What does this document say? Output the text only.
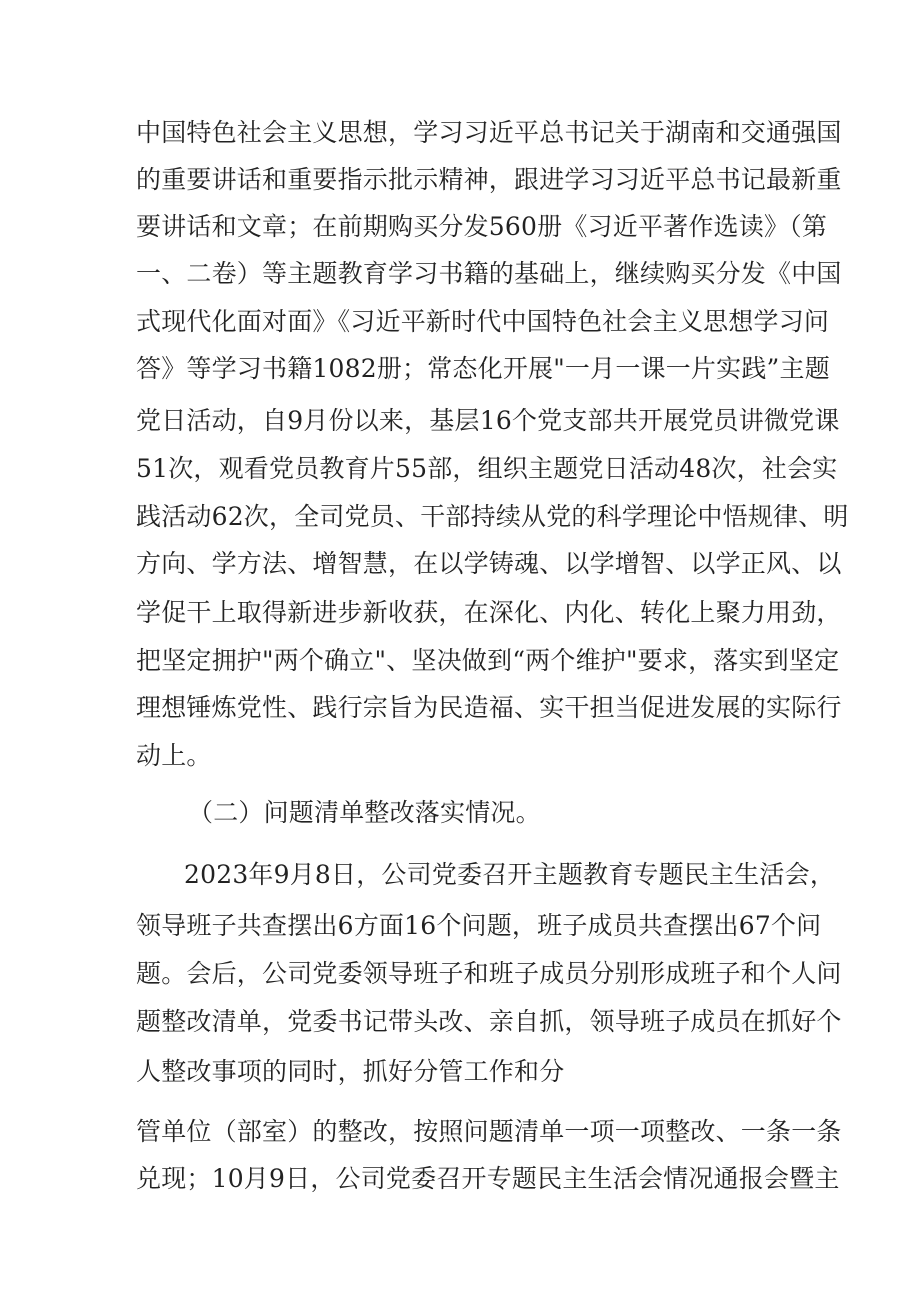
中国特色社会主义思想，学习习近平总书记关于湖南和交通强国
的重要讲话和重要指示批示精神，跟进学习习近平总书记最新重
要讲话和文章；在前期购买分发560册《习近平著作选读》（第
一、二卷）等主题教育学习书籍的基础上，继续购买分发《中国
式现代化面对面》《习近平新时代中国特色社会主义思想学习问
答》等学习书籍1082册；常态化开展"一月一课一片实践”主题
党日活动，自9月份以来，基层16个党支部共开展党员讲微党课
51次，观看党员教育片55部，组织主题党日活动48次，社会实
践活动62次，全司党员、干部持续从党的科学理论中悟规律、明
方向、学方法、增智慧，在以学铸魂、以学增智、以学正风、以
学促干上取得新进步新收获，在深化、内化、转化上聚力用劲，
把坚定拥护"两个确立"、坚决做到“两个维护"要求，落实到坚定
理想锤炼党性、践行宗旨为民造福、实干担当促进发展的实际行
动上。
（二）问题清单整改落实情况。
2023年9月8日，公司党委召开主题教育专题民主生活会，
领导班子共查摆出6方面16个问题，班子成员共查摆出67个问
题。会后，公司党委领导班子和班子成员分别形成班子和个人问
题整改清单，党委书记带头改、亲自抓，领导班子成员在抓好个
人整改事项的同时，抓好分管工作和分
管单位（部室）的整改，按照问题清单一项一项整改、一条一条
兑现；10月9日，公司党委召开专题民主生活会情况通报会暨主
